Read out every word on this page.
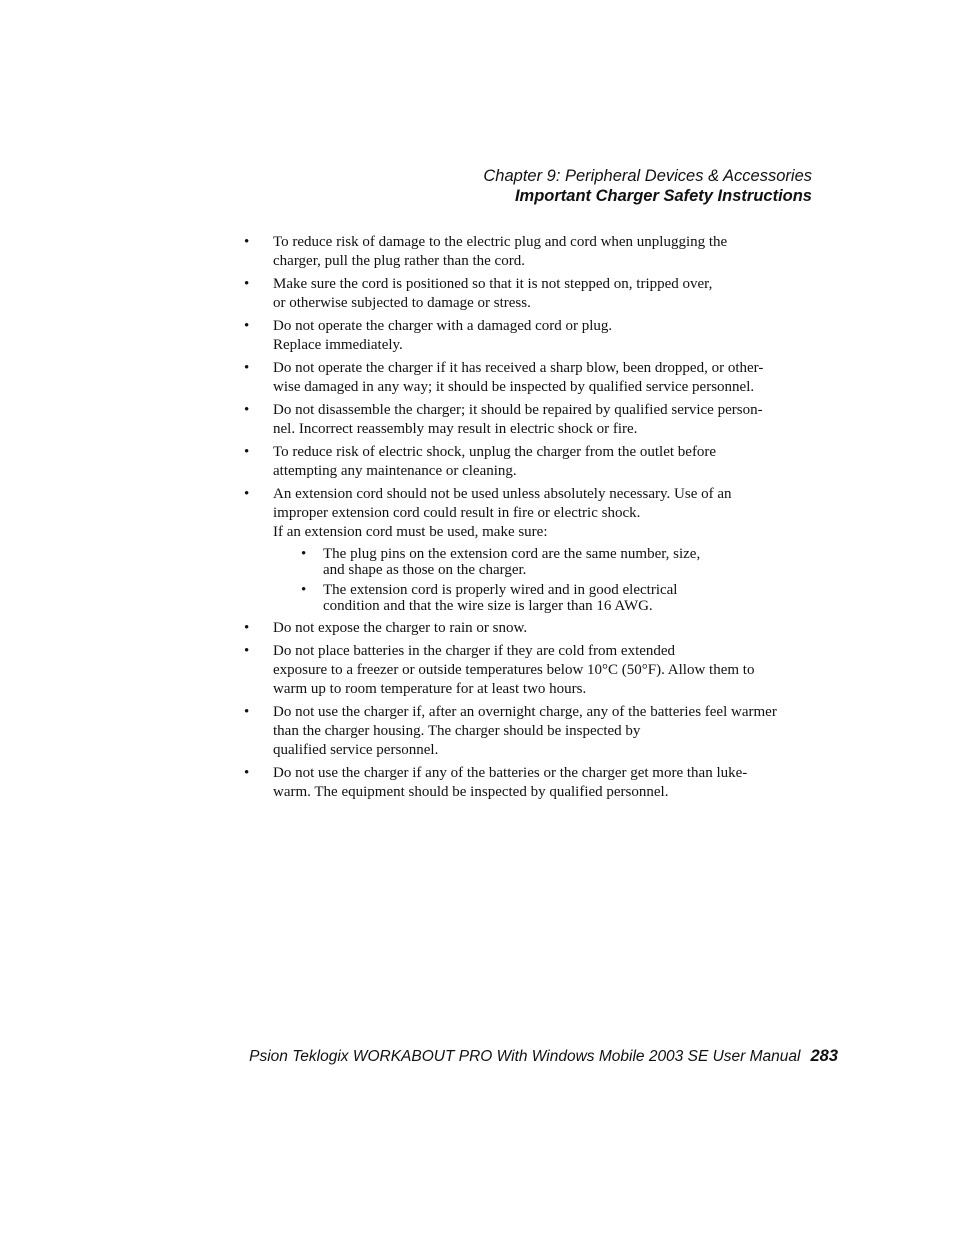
Chapter 9: Peripheral Devices & Accessories
Important Charger Safety Instructions
• To reduce risk of damage to the electric plug and cord when unplugging the
charger, pull the plug rather than the cord.
• Make sure the cord is positioned so that it is not stepped on, tripped over,
or otherwise subjected to damage or stress.
• Do not operate the charger with a damaged cord or plug.
Replace immediately.
• Do not operate the charger if it has received a sharp blow, been dropped, or other-
wise damaged in any way; it should be inspected by qualified service personnel.
• Do not disassemble the charger; it should be repaired by qualified service person-
nel. Incorrect reassembly may result in electric shock or fire.
• To reduce risk of electric shock, unplug the charger from the outlet before
attempting any maintenance or cleaning.
• An extension cord should not be used unless absolutely necessary. Use of an
improper extension cord could result in fire or electric shock.
If an extension cord must be used, make sure:
• The plug pins on the extension cord are the same number, size,
and shape as those on the charger.
• The extension cord is properly wired and in good electrical
condition and that the wire size is larger than 16 AWG.
• Do not expose the charger to rain or snow.
• Do not place batteries in the charger if they are cold from extended
exposure to a freezer or outside temperatures below 10°C (50°F). Allow them to
warm up to room temperature for at least two hours.
• Do not use the charger if, after an overnight charge, any of the batteries feel warmer
than the charger housing. The charger should be inspected by
qualified service personnel.
• Do not use the charger if any of the batteries or the charger get more than luke-
warm. The equipment should be inspected by qualified personnel.
Psion Teklogix WORKABOUT PRO With Windows Mobile 2003 SE User Manual 283
